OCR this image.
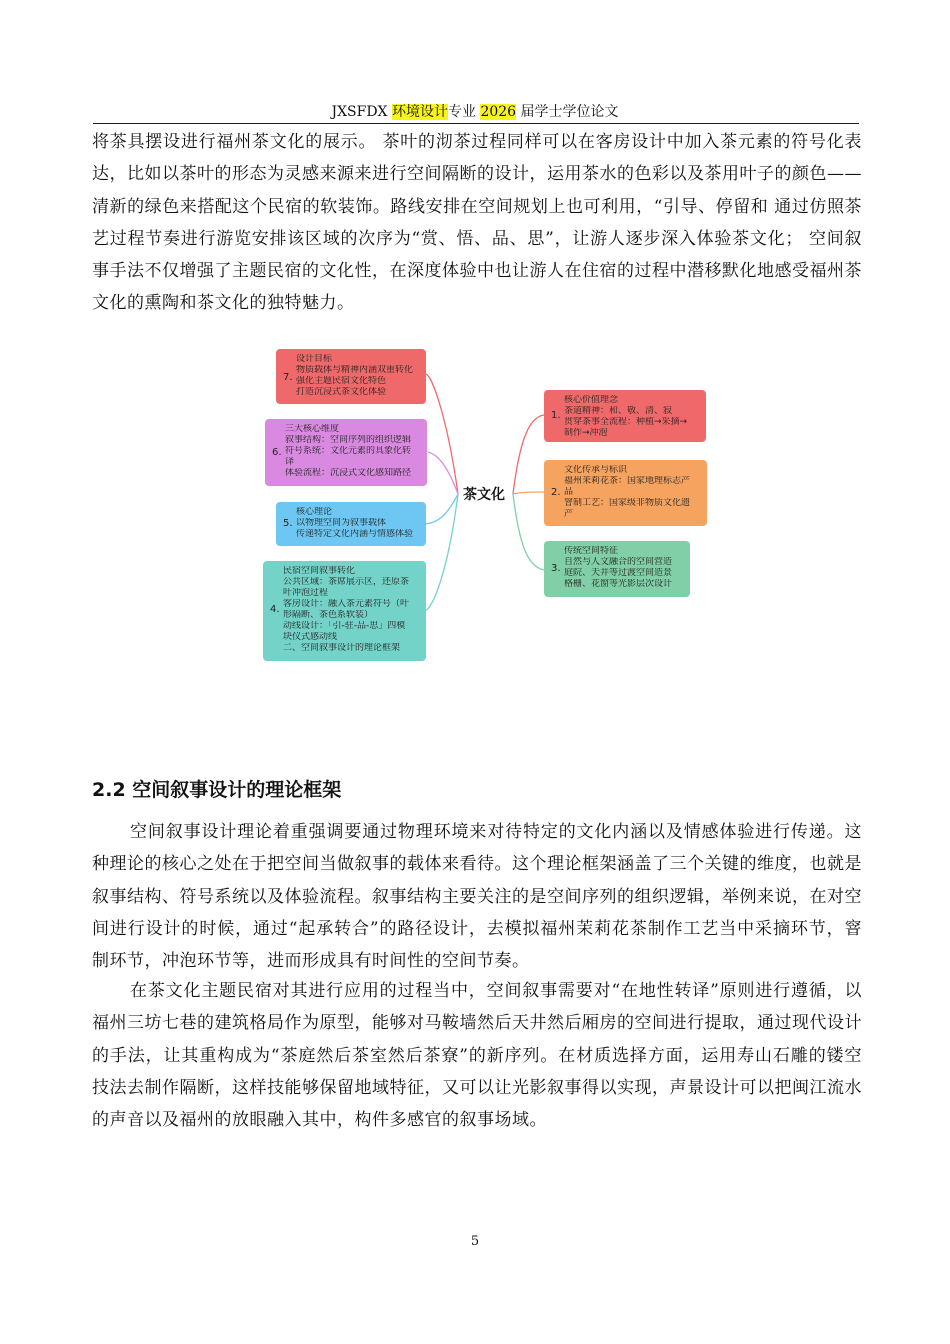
JXSFDX 环境设计专业 2026 届学士学位论文

将茶具摆设进行福州茶文化的展示。 茶叶的沏茶过程同样可以在客房设计中加入茶元素的符号化表达，比如以茶叶的形态为灵感来源来进行空间隔断的设计，运用茶水的色彩以及茶用叶子的颜色——清新的绿色来搭配这个民宿的软装饰。路线安排在空间规划上也可利用，“引导、停留和 通过仿照茶艺过程节奏进行游览安排该区域的次序为“赏、悟、品、思”，让游人逐步深入体验茶文化； 空间叙事手法不仅增强了主题民宿的文化性，在深度体验中也让游人在住宿的过程中潜移默化地感受福州茶文化的熏陶和茶文化的独特魅力。

茶文化
7.
设计目标
物质载体与精神内涵双重转化
强化主题民宿文化特色
打造沉浸式茶文化体验
6.
三大核心维度
叙事结构：空间序列的组织逻辑
符号系统：文化元素的具象化转
译
体验流程：沉浸式文化感知路径
5.
核心理论
以物理空间为叙事载体
传递特定文化内涵与情感体验
4.
民宿空间叙事转化
公共区域：茶席展示区，还原茶
叶冲泡过程
客房设计：融入茶元素符号（叶
形隔断、茶色系软装）
动线设计：「引-驻-品-思」四模
块仪式感动线
二、空间叙事设计的理论框架
1.
核心价值理念
茶道精神：和、敬、清、寂
贯穿茶事全流程：种植→采摘→
制作→冲泡
2.
文化传承与标识
福州茉莉花茶：国家地理标志产
品
窨制工艺：国家级非物质文化遗
产
3.
传统空间特征
自然与人文融合的空间营造
庭院、天井等过渡空间造景
格栅、花窗等光影层次设计
2.2 空间叙事设计的理论框架

空间叙事设计理论着重强调要通过物理环境来对待特定的文化内涵以及情感体验进行传递。这种理论的核心之处在于把空间当做叙事的载体来看待。这个理论框架涵盖了三个关键的维度，也就是叙事结构、符号系统以及体验流程。叙事结构主要关注的是空间序列的组织逻辑，举例来说，在对空间进行设计的时候，通过“起承转合”的路径设计，去模拟福州茉莉花茶制作工艺当中采摘环节，窨制环节，冲泡环节等，进而形成具有时间性的空间节奏。

在茶文化主题民宿对其进行应用的过程当中，空间叙事需要对“在地性转译”原则进行遵循，以福州三坊七巷的建筑格局作为原型，能够对马鞍墙然后天井然后厢房的空间进行提取，通过现代设计的手法，让其重构成为“茶庭然后茶室然后茶寮”的新序列。在材质选择方面，运用寿山石雕的镂空技法去制作隔断，这样技能够保留地域特征，又可以让光影叙事得以实现，声景设计可以把闽江流水的声音以及福州的放眼融入其中，构件多感官的叙事场域。

5
